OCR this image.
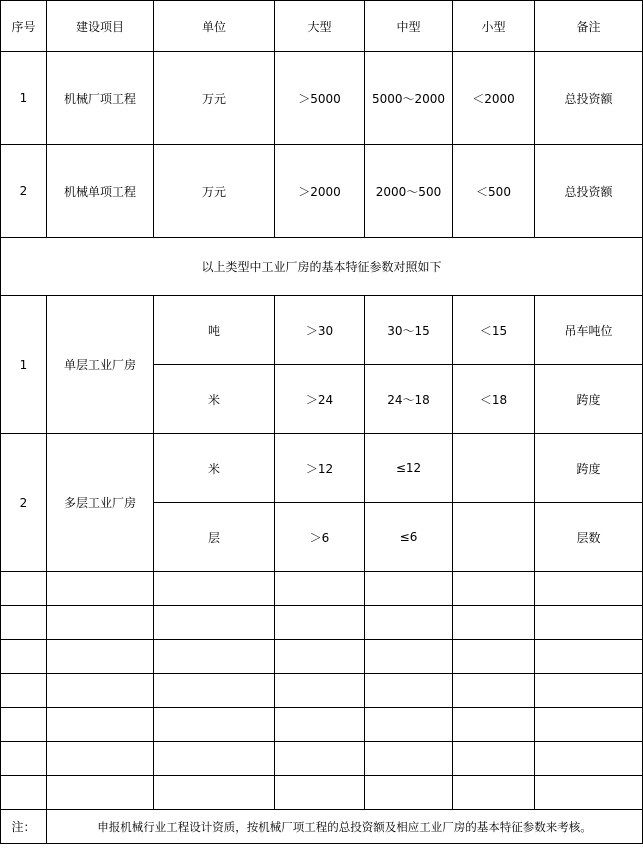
序号	建设项目	单位	大型	中型	小型	备注
1	机械厂项工程	万元	＞5000	5000～2000	＜2000	总投资额
2	机械单项工程	万元	＞2000	2000～500	＜500	总投资额
以上类型中工业厂房的基本特征参数对照如下						
1	单层工业厂房	吨	＞30	30～15	＜15	吊车吨位
		米	＞24	24～18	＜18	跨度
2	多层工业厂房	米	＞12	≤12		跨度
		层	＞6	≤6		层数

注：	申报机械行业工程设计资质，按机械厂项工程的总投资额及相应工业厂房的基本特征参数来考核。					
